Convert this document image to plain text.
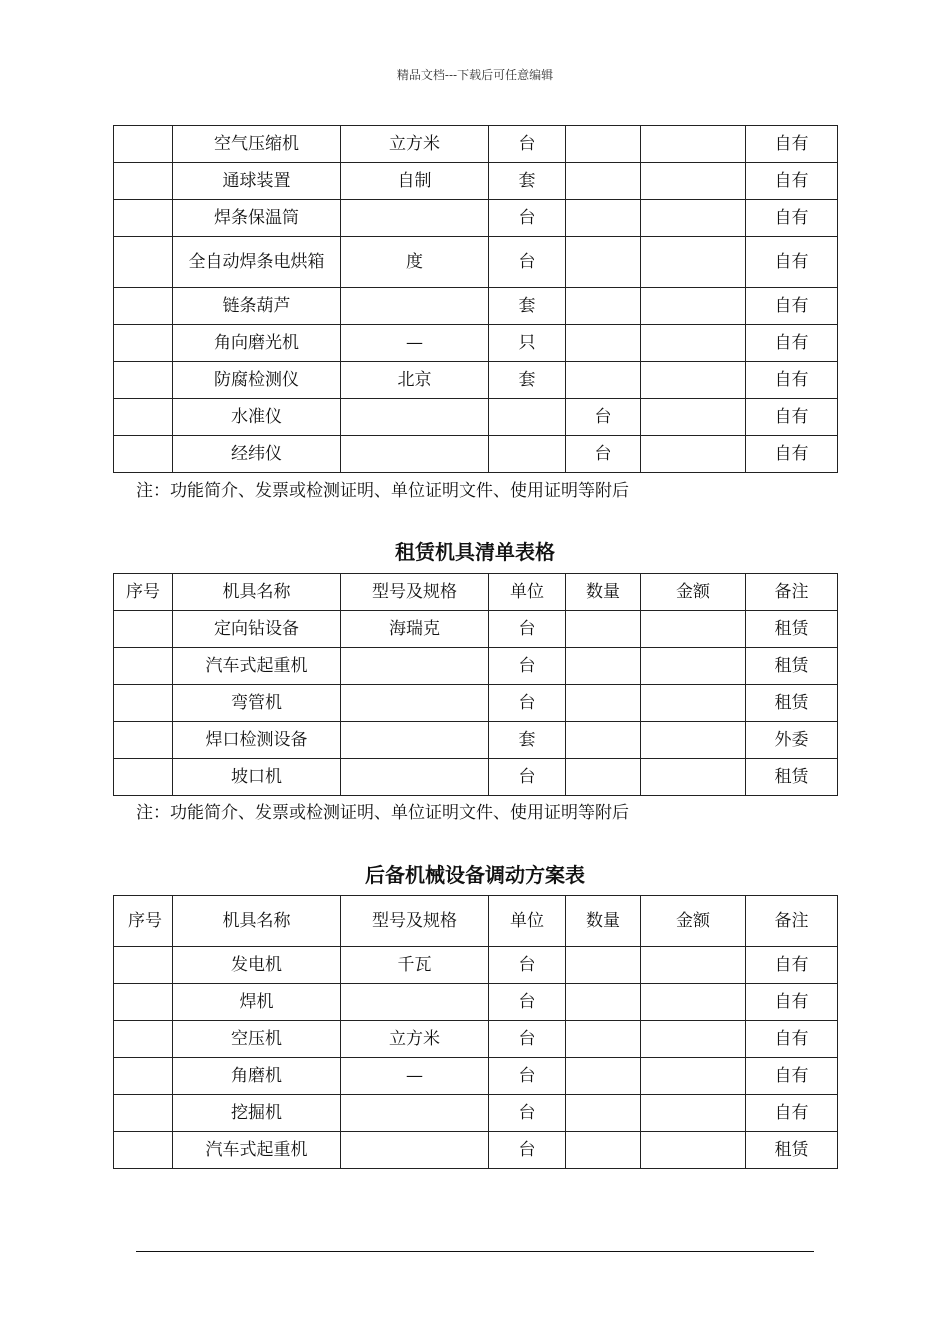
精品文档---下载后可任意编辑
	空气压缩机	立方米	台			自有
	通球装置	自制	套			自有
	焊条保温筒		台			自有
	全自动焊条电烘箱	度	台			自有
	链条葫芦		套			自有
	角向磨光机	—	只			自有
	防腐检测仪	北京	套			自有
	水准仪			台		自有
	经纬仪			台		自有
注：功能简介、发票或检测证明、单位证明文件、使用证明等附后
租赁机具清单表格
序号	机具名称	型号及规格	单位	数量	金额	备注
	定向钻设备	海瑞克	台			租赁
	汽车式起重机		台			租赁
	弯管机		台			租赁
	焊口检测设备		套			外委
	坡口机		台			租赁
注：功能简介、发票或检测证明、单位证明文件、使用证明等附后
后备机械设备调动方案表
序号	机具名称	型号及规格	单位	数量	金额	备注
	发电机	千瓦	台			自有
	焊机		台			自有
	空压机	立方米	台			自有
	角磨机	—	台			自有
	挖掘机		台			自有
	汽车式起重机		台			租赁
